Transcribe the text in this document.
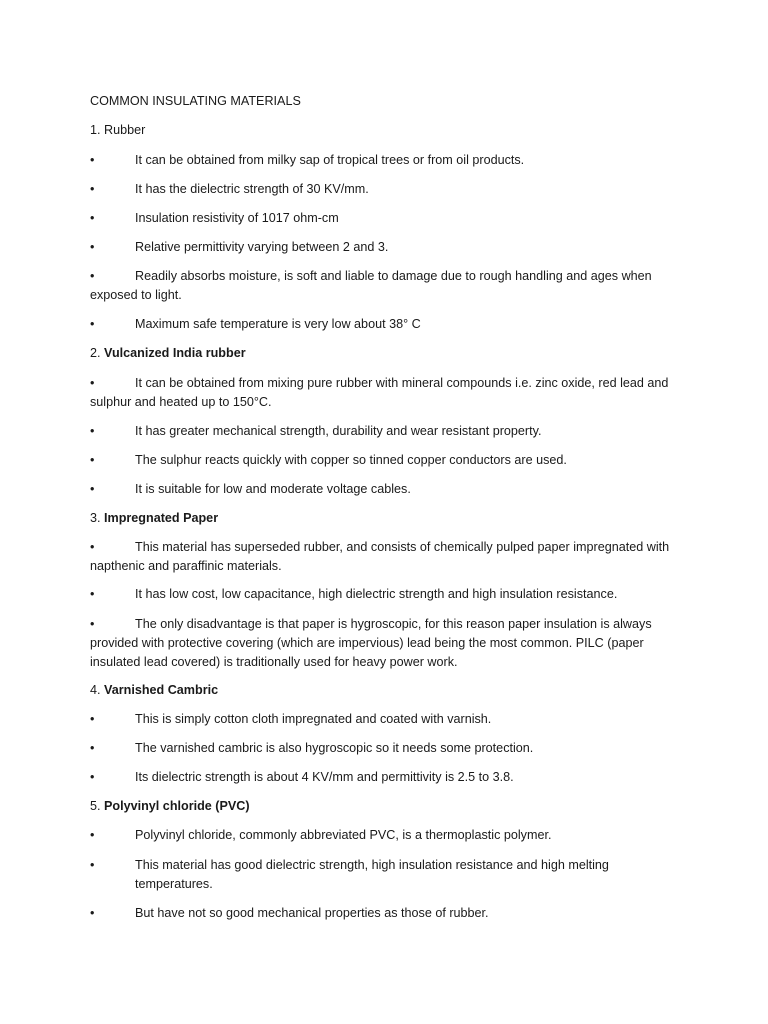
COMMON INSULATING MATERIALS
1. Rubber
•	It can be obtained from milky sap of tropical trees or from oil products.
•	It has the dielectric strength of 30 KV/mm.
•	Insulation resistivity of 1017 ohm-cm
•	Relative permittivity varying between 2 and 3.
•	Readily absorbs moisture, is soft and liable to damage due to rough handling and ages when
exposed to light.
•	Maximum safe temperature is very low about 38° C
2. Vulcanized India rubber
•	It can be obtained from mixing pure rubber with mineral compounds i.e. zinc oxide, red lead and
sulphur and heated up to 150°C.
•	It has greater mechanical strength, durability and wear resistant property.
•	The sulphur reacts quickly with copper so tinned copper conductors are used.
•	It is suitable for low and moderate voltage cables.
3. Impregnated Paper
•	This material has superseded rubber, and consists of chemically pulped paper impregnated with
napthenic and paraffinic materials.
•	It has low cost, low capacitance, high dielectric strength and high insulation resistance.
•	The only disadvantage is that paper is hygroscopic, for this reason paper insulation is always
provided with protective covering (which are impervious) lead being the most common. PILC (paper
insulated lead covered) is traditionally used for heavy power work.
4. Varnished Cambric
•	This is simply cotton cloth impregnated and coated with varnish.
•	The varnished cambric is also hygroscopic so it needs some protection.
•	Its dielectric strength is about 4 KV/mm and permittivity is 2.5 to 3.8.
5. Polyvinyl chloride (PVC)
•	Polyvinyl chloride, commonly abbreviated PVC, is a thermoplastic polymer.
•	This material has good dielectric strength, high insulation resistance and high melting
temperatures.
•	But have not so good mechanical properties as those of rubber.
